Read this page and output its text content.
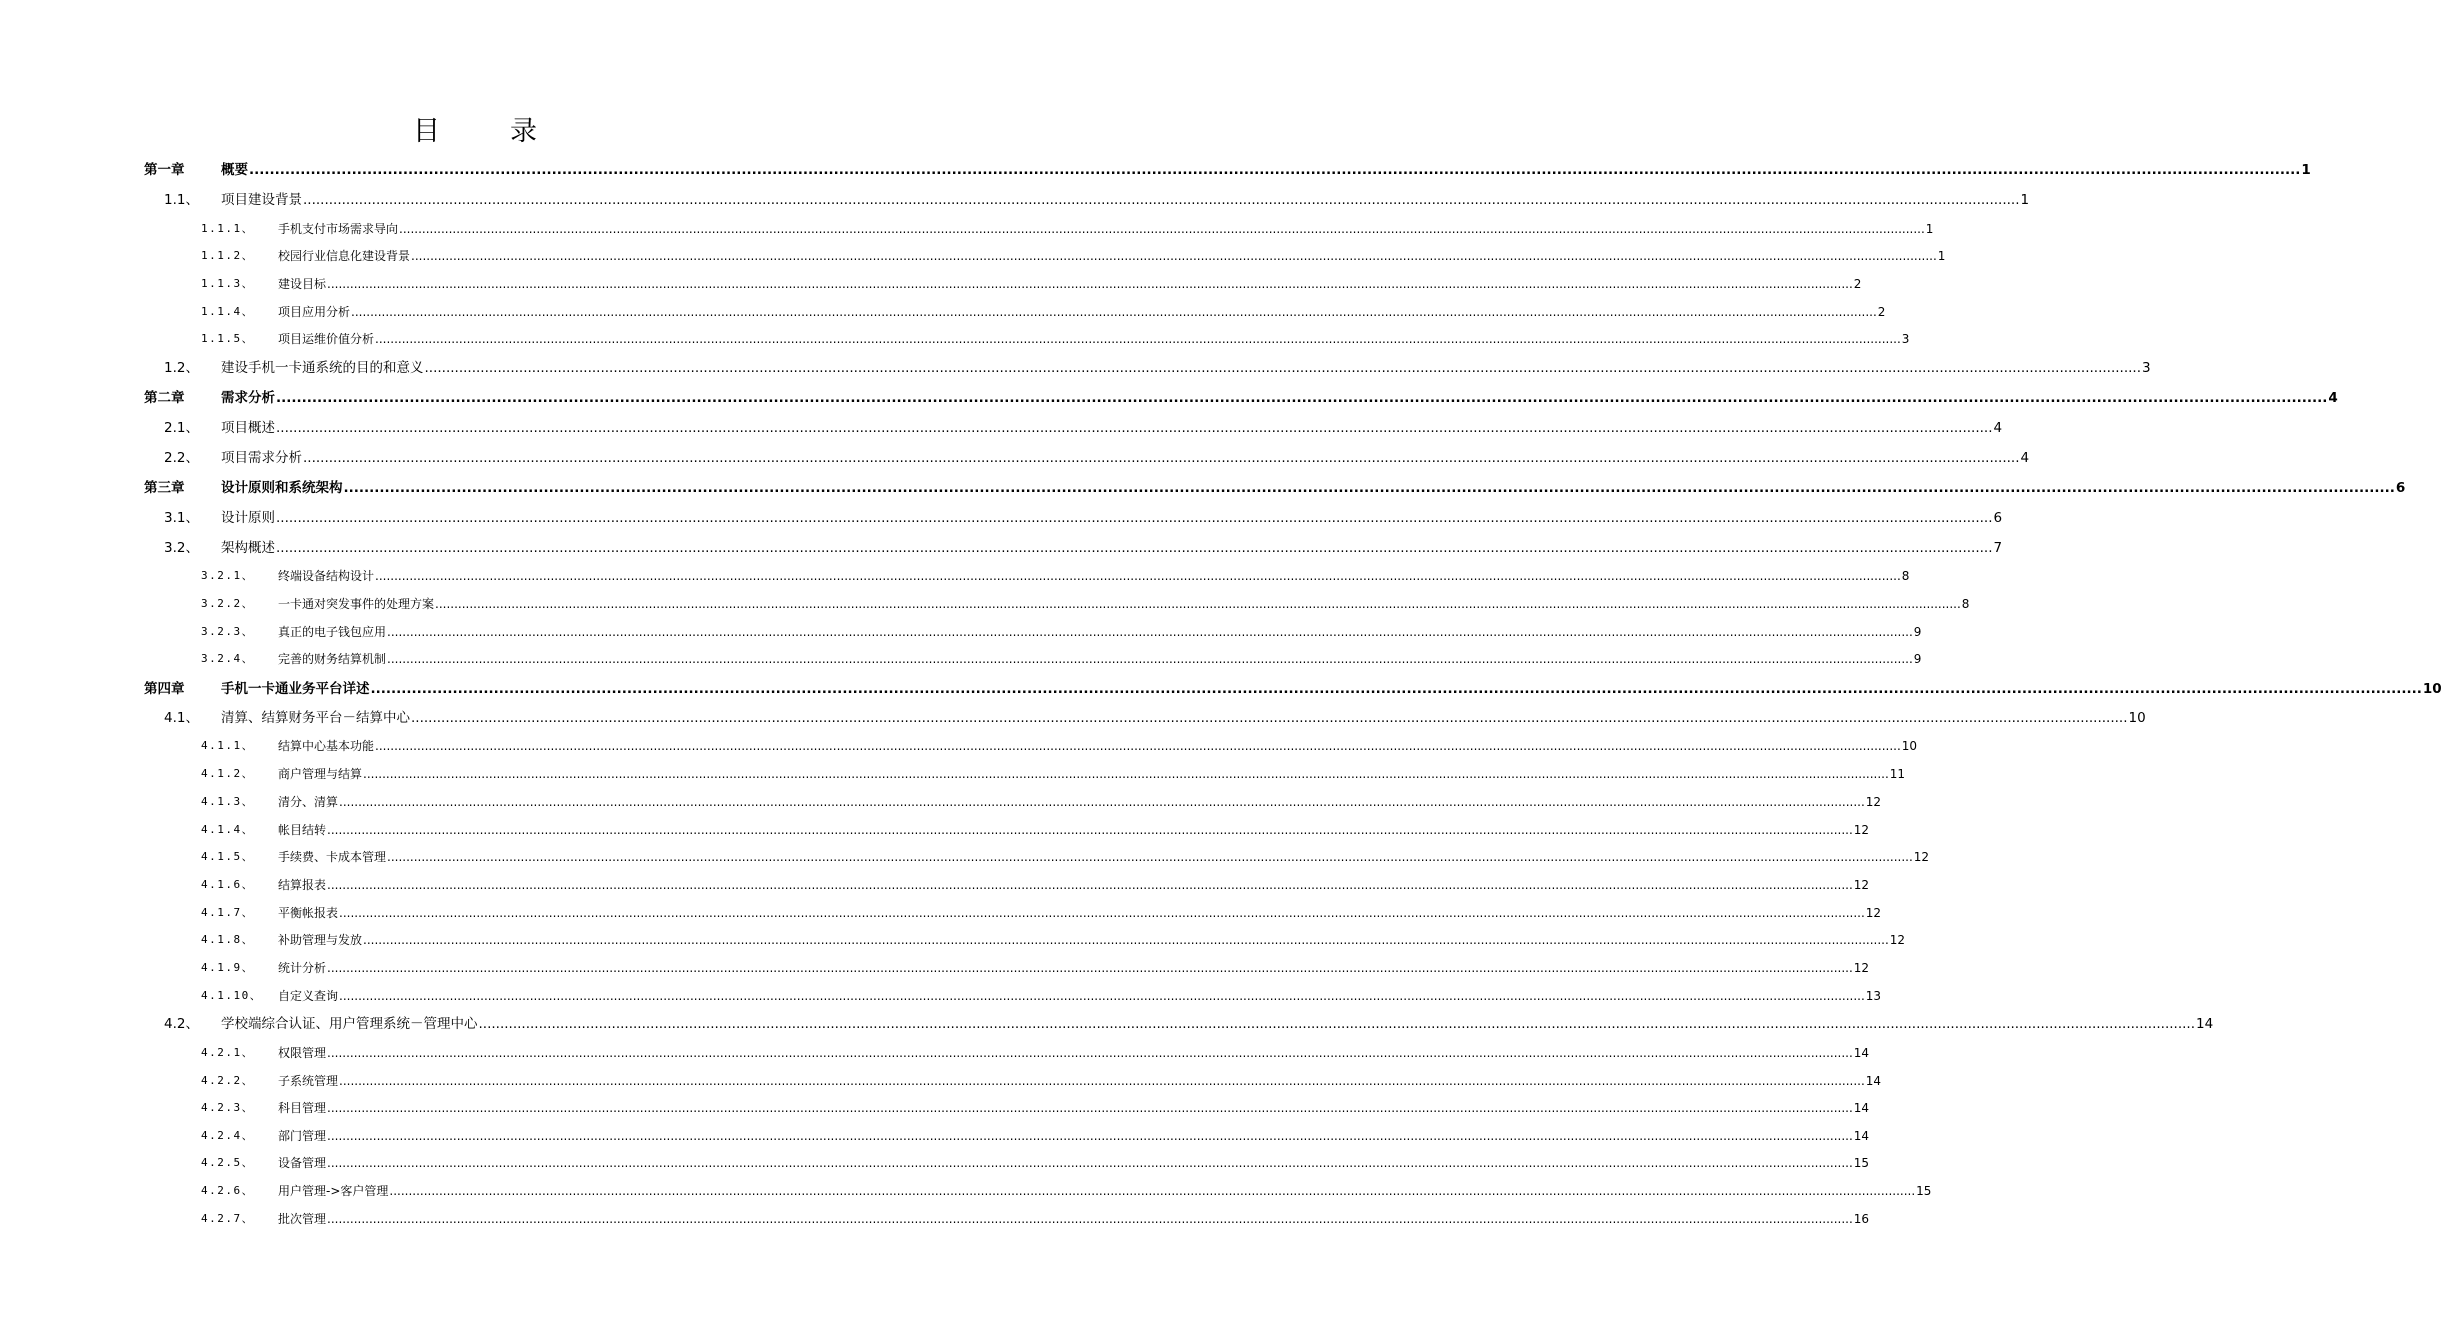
目	录
第一章	概要 ................................................................................................................................................................................................................................................................................................................................................................................................................ 1
1.1、 项目建设背景 ................................................................................................................................................................................................................................................................................................................................................................................................................ 1
1.1.1、 手机支付市场需求导向 ................................................................................................................................................................................................................................................................................................................................................................................................................ 1
1.1.2、 校园行业信息化建设背景 ................................................................................................................................................................................................................................................................................................................................................................................................................ 1
1.1.3、 建设目标 ................................................................................................................................................................................................................................................................................................................................................................................................................ 2
1.1.4、 项目应用分析 ................................................................................................................................................................................................................................................................................................................................................................................................................ 2
1.1.5、 项目运维价值分析 ................................................................................................................................................................................................................................................................................................................................................................................................................ 3
1.2、 建设手机一卡通系统的目的和意义 ................................................................................................................................................................................................................................................................................................................................................................................................................ 3
第二章	需求分析 ................................................................................................................................................................................................................................................................................................................................................................................................................ 4
2.1、 项目概述 ................................................................................................................................................................................................................................................................................................................................................................................................................ 4
2.2、 项目需求分析 ................................................................................................................................................................................................................................................................................................................................................................................................................ 4
第三章	设计原则和系统架构 ................................................................................................................................................................................................................................................................................................................................................................................................................ 6
3.1、 设计原则 ................................................................................................................................................................................................................................................................................................................................................................................................................ 6
3.2、 架构概述 ................................................................................................................................................................................................................................................................................................................................................................................................................ 7
3.2.1、 终端设备结构设计 ................................................................................................................................................................................................................................................................................................................................................................................................................ 8
3.2.2、 一卡通对突发事件的处理方案 ................................................................................................................................................................................................................................................................................................................................................................................................................ 8
3.2.3、 真正的电子钱包应用 ................................................................................................................................................................................................................................................................................................................................................................................................................ 9
3.2.4、 完善的财务结算机制 ................................................................................................................................................................................................................................................................................................................................................................................................................ 9
第四章	手机一卡通业务平台详述 ................................................................................................................................................................................................................................................................................................................................................................................................................ 10
4.1、 清算、结算财务平台－结算中心 ................................................................................................................................................................................................................................................................................................................................................................................................................ 10
4.1.1、 结算中心基本功能 ................................................................................................................................................................................................................................................................................................................................................................................................................ 10
4.1.2、 商户管理与结算 ................................................................................................................................................................................................................................................................................................................................................................................................................ 11
4.1.3、 清分、清算 ................................................................................................................................................................................................................................................................................................................................................................................................................ 12
4.1.4、 帐目结转 ................................................................................................................................................................................................................................................................................................................................................................................................................ 12
4.1.5、 手续费、卡成本管理 ................................................................................................................................................................................................................................................................................................................................................................................................................ 12
4.1.6、 结算报表 ................................................................................................................................................................................................................................................................................................................................................................................................................ 12
4.1.7、 平衡帐报表 ................................................................................................................................................................................................................................................................................................................................................................................................................ 12
4.1.8、 补助管理与发放 ................................................................................................................................................................................................................................................................................................................................................................................................................ 12
4.1.9、 统计分析 ................................................................................................................................................................................................................................................................................................................................................................................................................ 12
4.1.10、 自定义查询 ................................................................................................................................................................................................................................................................................................................................................................................................................ 13
4.2、 学校端综合认证、用户管理系统－管理中心 ................................................................................................................................................................................................................................................................................................................................................................................................................ 14
4.2.1、 权限管理 ................................................................................................................................................................................................................................................................................................................................................................................................................ 14
4.2.2、 子系统管理 ................................................................................................................................................................................................................................................................................................................................................................................................................ 14
4.2.3、 科目管理 ................................................................................................................................................................................................................................................................................................................................................................................................................ 14
4.2.4、 部门管理 ................................................................................................................................................................................................................................................................................................................................................................................................................ 14
4.2.5、 设备管理 ................................................................................................................................................................................................................................................................................................................................................................................................................ 15
4.2.6、 用户管理->客户管理 ................................................................................................................................................................................................................................................................................................................................................................................................................ 15
4.2.7、 批次管理 ................................................................................................................................................................................................................................................................................................................................................................................................................ 16
